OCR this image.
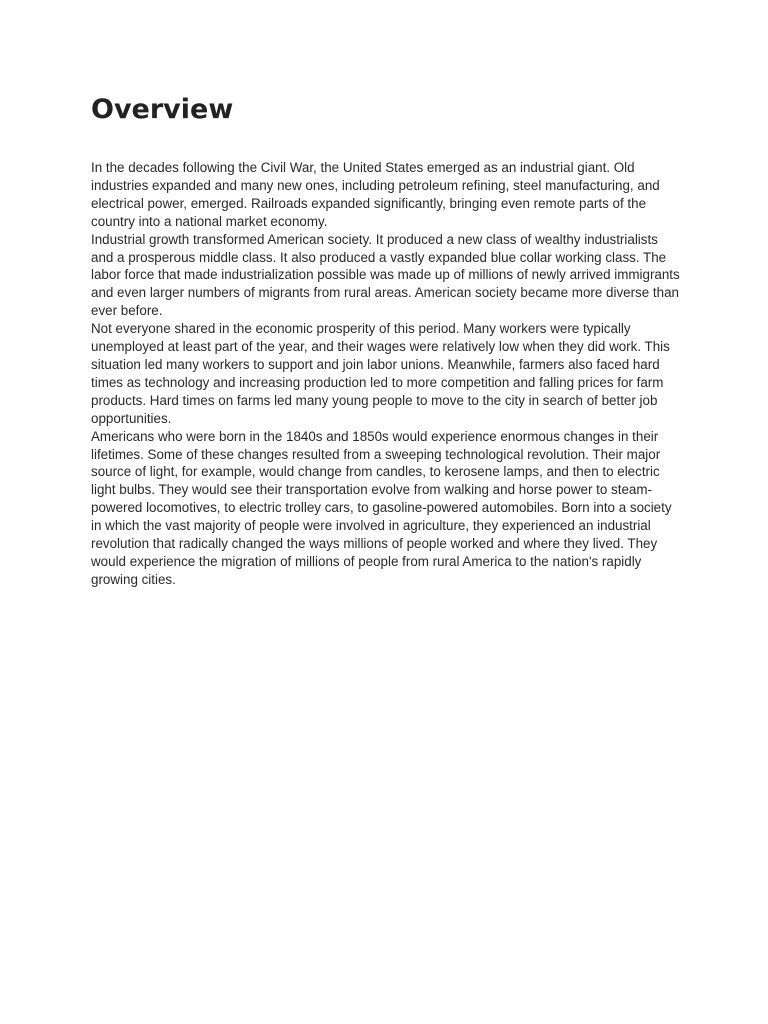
Overview

In the decades following the Civil War, the United States emerged as an industrial giant. Old industries expanded and many new ones, including petroleum refining, steel manufacturing, and electrical power, emerged. Railroads expanded significantly, bringing even remote parts of the country into a national market economy.

Industrial growth transformed American society. It produced a new class of wealthy industrialists and a prosperous middle class. It also produced a vastly expanded blue collar working class. The labor force that made industrialization possible was made up of millions of newly arrived immigrants and even larger numbers of migrants from rural areas. American society became more diverse than ever before.

Not everyone shared in the economic prosperity of this period. Many workers were typically unemployed at least part of the year, and their wages were relatively low when they did work. This situation led many workers to support and join labor unions. Meanwhile, farmers also faced hard times as technology and increasing production led to more competition and falling prices for farm products. Hard times on farms led many young people to move to the city in search of better job opportunities.

Americans who were born in the 1840s and 1850s would experience enormous changes in their lifetimes. Some of these changes resulted from a sweeping technological revolution. Their major source of light, for example, would change from candles, to kerosene lamps, and then to electric light bulbs. They would see their transportation evolve from walking and horse power to steam-powered locomotives, to electric trolley cars, to gasoline-powered automobiles. Born into a society in which the vast majority of people were involved in agriculture, they experienced an industrial revolution that radically changed the ways millions of people worked and where they lived. They would experience the migration of millions of people from rural America to the nation's rapidly growing cities.
